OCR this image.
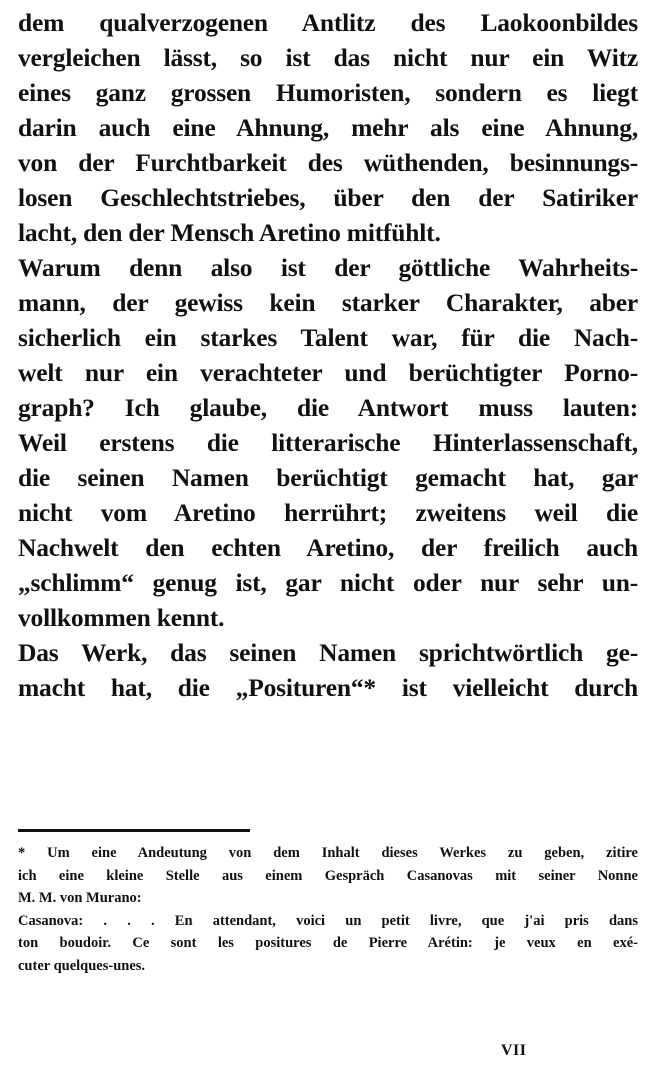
dem qualverzogenen Antlitz des Laokoonbildes
vergleichen lässt, so ist das nicht nur ein Witz
eines ganz grossen Humoristen, sondern es liegt
darin auch eine Ahnung, mehr als eine Ahnung,
von der Furchtbarkeit des wüthenden, besinnungs-
losen Geschlechtstriebes, über den der Satiriker
lacht, den der Mensch Aretino mitfühlt.
Warum denn also ist der göttliche Wahrheits-
mann, der gewiss kein starker Charakter, aber
sicherlich ein starkes Talent war, für die Nach-
welt nur ein verachteter und berüchtigter Porno-
graph? Ich glaube, die Antwort muss lauten:
Weil erstens die litterarische Hinterlassenschaft,
die seinen Namen berüchtigt gemacht hat, gar
nicht vom Aretino herrührt; zweitens weil die
Nachwelt den echten Aretino, der freilich auch
„schlimm“ genug ist, gar nicht oder nur sehr un-
vollkommen kennt.
Das Werk, das seinen Namen sprichtwörtlich ge-
macht hat, die „Posituren“* ist vielleicht durch
* Um eine Andeutung von dem Inhalt dieses Werkes zu geben, zitire
ich eine kleine Stelle aus einem Gespräch Casanovas mit seiner Nonne
M. M. von Murano:
Casanova: . . . En attendant, voici un petit livre, que j'ai pris dans
ton boudoir. Ce sont les positures de Pierre Arétin: je veux en exé-
cuter quelques-unes.
VII
